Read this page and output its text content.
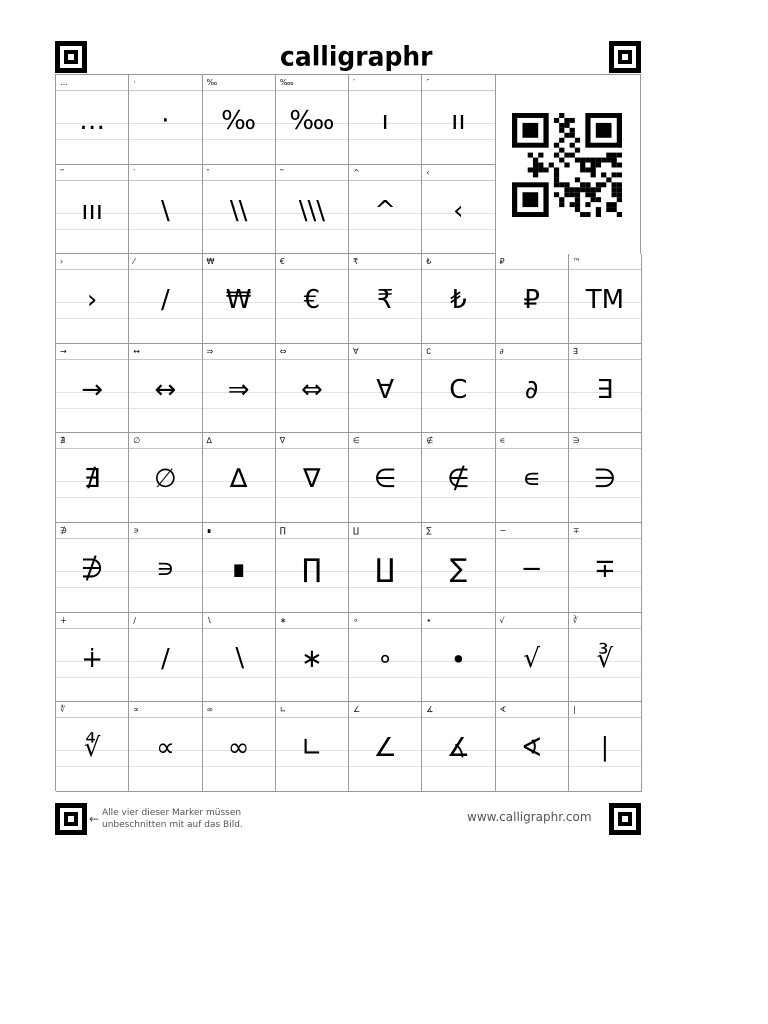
calligraphr
…
…
·
·
‰
‰
‱
‱
′
ı
″
ıı
‴
ııı
‵
\
‶
\\
‷
\\\
^
^
‹
‹
›
›
⁄
/
₩
₩
€
€
₹
₹
₺
₺
₽
₽
™
TM
→
→
↔
↔
⇒
⇒
⇔
⇔
∀
∀
∁
C
∂
∂
∃
∃
∄
∄
∅
∅
∆
∆
∇
∇
∈
∈
∉
∉
∊
∊
∋
∋
∌
∌
∍
∍
∎
∎
∏
∏
∐
∐
∑
∑
−
−
∓
∓
∔
∔
∕
∕
∖
∖
∗
∗
∘
∘
∙
∙
√
√
∛
∛
∜
∜
∝
∝
∞
∞
∟
∟
∠
∠
∡
∡
∢
∢
∣
∣
← Alle vier dieser Marker müssen
unbeschnitten mit auf das Bild.
www.calligraphr.com
